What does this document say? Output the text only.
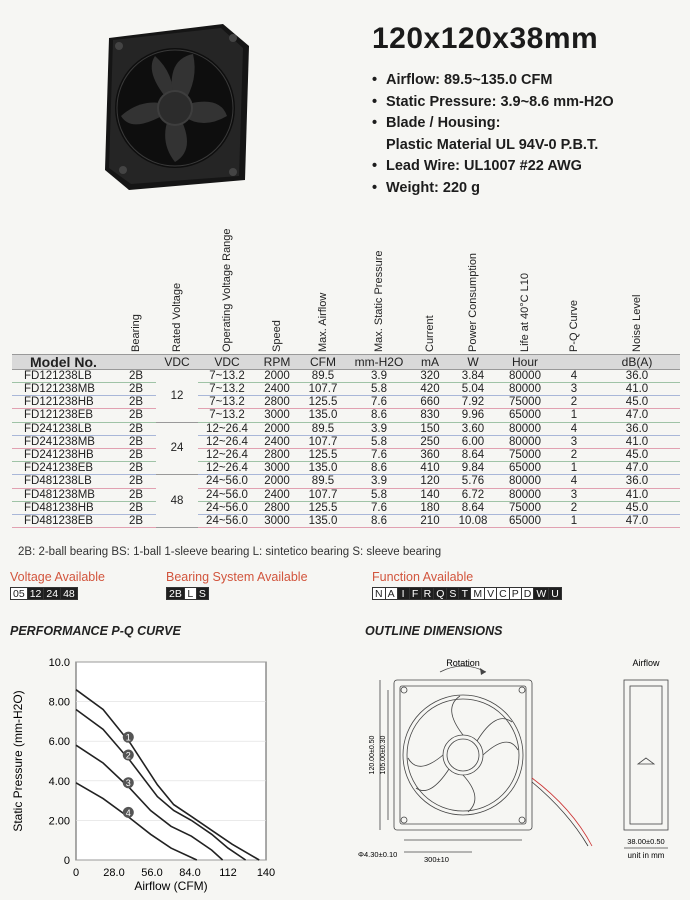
120x120x38mm
• Airflow: 89.5~135.0 CFM
• Static Pressure: 3.9~8.6 mm-H2O
• Blade / Housing:
Plastic Material UL 94V-0 P.B.T.
• Lead Wire: UL1007 #22 AWG
• Weight: 220 g

	Bearing	Rated Voltage	Operating Voltage Range	Speed	Max. Airflow	Max. Static Pressure	Current	Power Consumption	Life at 40°C L10	P-Q Curve	Noise Level

Model No.		VDC	VDC	RPM	CFM	mm-H2O	mA	W	Hour		dB(A)
FD121238LB	2B	12	7~13.2	2000	89.5	3.9	320	3.84	80000	4	36.0
FD121238MB	2B		7~13.2	2400	107.7	5.8	420	5.04	80000	3	41.0
FD121238HB	2B		7~13.2	2800	125.5	7.6	660	7.92	75000	2	45.0
FD121238EB	2B		7~13.2	3000	135.0	8.6	830	9.96	65000	1	47.0
FD241238LB	2B	24	12~26.4	2000	89.5	3.9	150	3.60	80000	4	36.0
FD241238MB	2B		12~26.4	2400	107.7	5.8	250	6.00	80000	3	41.0
FD241238HB	2B		12~26.4	2800	125.5	7.6	360	8.64	75000	2	45.0
FD241238EB	2B		12~26.4	3000	135.0	8.6	410	9.84	65000	1	47.0
FD481238LB	2B	48	24~56.0	2000	89.5	3.9	120	5.76	80000	4	36.0
FD481238MB	2B		24~56.0	2400	107.7	5.8	140	6.72	80000	3	41.0
FD481238HB	2B		24~56.0	2800	125.5	7.6	180	8.64	75000	2	45.0
FD481238EB	2B		24~56.0	3000	135.0	8.6	210	10.08	65000	1	47.0
2B: 2-ball bearing BS: 1-ball 1-sleeve bearing L: sintetico bearing S: sleeve bearing
Voltage Available
05 12 24 48
Bearing System Available
2B L S
Function Available
N A I F R Q S T M V C P D W U
PERFORMANCE P-Q CURVE	OUTLINE DIMENSIONS
0
2.00
4.00
6.00
8.00
10.0
0 28.0 56.0 84.0 112 140
1
2
3
4
Static Pressure (mm-H2O)
Airflow (CFM)
Rotation	Airflow
120.00±0.50 105.00±0.30
Φ4.30±0.10
300±10
38.00±0.50
unit in mm
